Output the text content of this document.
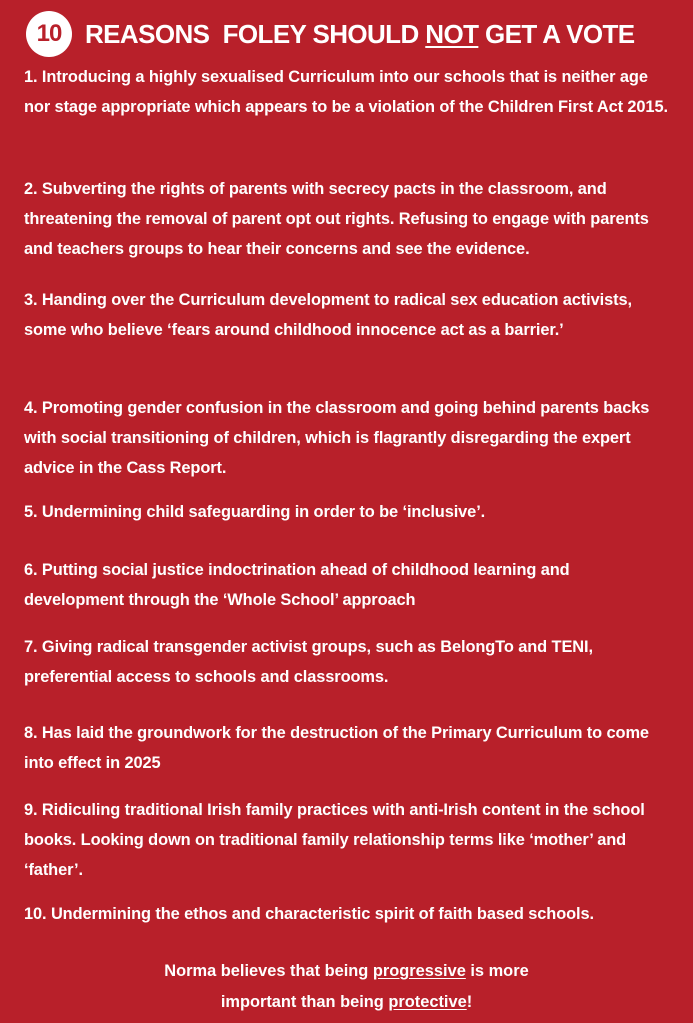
10 REASONS  FOLEY SHOULD NOT GET A VOTE
1. Introducing a highly sexualised Curriculum into our schools that is neither age nor stage appropriate which appears to be a violation of the Children First Act 2015.
2. Subverting the rights of parents with secrecy pacts in the classroom, and threatening the removal of parent opt out rights. Refusing to engage with parents and teachers groups to hear their concerns and see the evidence.
3. Handing over the Curriculum development to radical sex education activists, some who believe ‘fears around childhood innocence act as a barrier.’
4. Promoting gender confusion in the classroom and going behind parents backs with social transitioning of children, which is flagrantly disregarding the expert advice in the Cass Report.
5. Undermining child safeguarding in order to be ‘inclusive’.
6. Putting social justice indoctrination ahead of childhood learning and development through the ‘Whole School’ approach
7. Giving radical transgender activist groups, such as BelongTo and TENI, preferential access to schools and classrooms.
8. Has laid the groundwork for the destruction of the Primary Curriculum to come into effect in 2025
9. Ridiculing traditional Irish family practices with anti-Irish content in the school books. Looking down on traditional family relationship terms like ‘mother’ and ‘father’.
10. Undermining the ethos and characteristic spirit of faith based schools.
Norma believes that being progressive is more
important than being protective!
